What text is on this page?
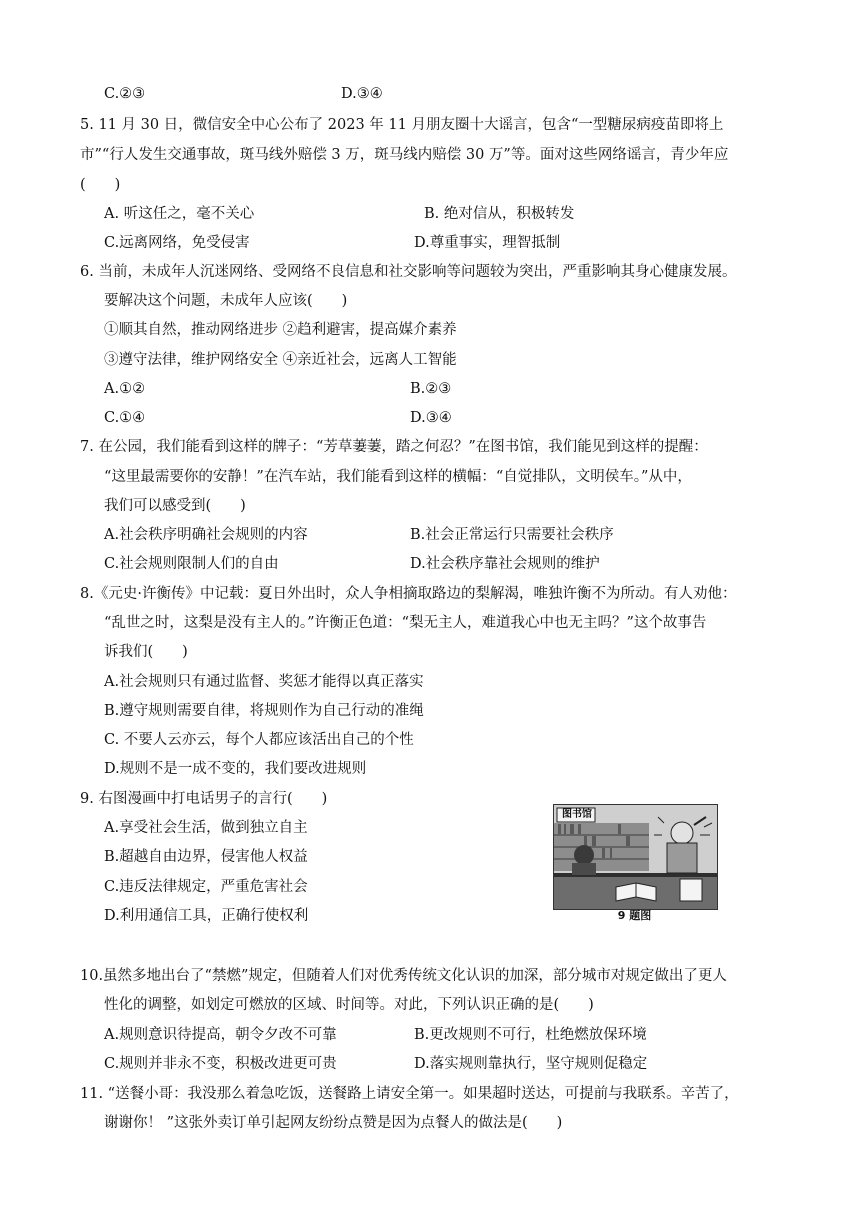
C.②③	D.③④
5. 11 月 30 日，微信安全中心公布了 2023 年 11 月朋友圈十大谣言，包含“一型糖尿病疫苗即将上
市”“行人发生交通事故，斑马线外赔偿 3 万，斑马线内赔偿 30 万”等。面对这些网络谣言，青少年应
(　　)
A. 听这任之，毫不关心	B. 绝对信从，积极转发
C.远离网络，免受侵害	D.尊重事实，理智抵制
6. 当前，未成年人沉迷网络、受网络不良信息和社交影响等问题较为突出，严重影响其身心健康发展。
要解决这个问题，未成年人应该(　　)
①顺其自然，推动网络进步 ②趋利避害，提高媒介素养
③遵守法律，维护网络安全 ④亲近社会，远离人工智能
A.①②	B.②③
C.①④	D.③④
7. 在公园，我们能看到这样的牌子：“芳草萋萋，踏之何忍？”在图书馆，我们能见到这样的提醒：
“这里最需要你的安静！”在汽车站，我们能看到这样的横幅：“自觉排队，文明侯车。”从中，
我们可以感受到(　　)
A.社会秩序明确社会规则的内容	B.社会正常运行只需要社会秩序
C.社会规则限制人们的自由	D.社会秩序靠社会规则的维护
8.《元史·许衡传》中记载：夏日外出时，众人争相摘取路边的梨解渴，唯独许衡不为所动。有人劝他：
“乱世之时，这梨是没有主人的。”许衡正色道：“梨无主人，难道我心中也无主吗？”这个故事告
诉我们(　　)
A.社会规则只有通过监督、奖惩才能得以真正落实
B.遵守规则需要自律，将规则作为自己行动的准绳
C. 不要人云亦云，每个人都应该活出自己的个性
D.规则不是一成不变的，我们要改进规则
9. 右图漫画中打电话男子的言行(　　)
A.享受社会生活，做到独立自主
B.超越自由边界，侵害他人权益
C.违反法律规定，严重危害社会
D.利用通信工具，正确行使权利
图书馆
9 题图
10.虽然多地出台了“禁燃”规定，但随着人们对优秀传统文化认识的加深，部分城市对规定做出了更人
性化的调整，如划定可燃放的区域、时间等。对此，下列认识正确的是(　　)
A.规则意识待提高，朝令夕改不可靠	B.更改规则不可行，杜绝燃放保环境
C.规则并非永不变，积极改进更可贵	D.落实规则靠执行，坚守规则促稳定
11. “送餐小哥：我没那么着急吃饭，送餐路上请安全第一。如果超时送达，可提前与我联系。辛苦了，
谢谢你！ ”这张外卖订单引起网友纷纷点赞是因为点餐人的做法是(　　)
